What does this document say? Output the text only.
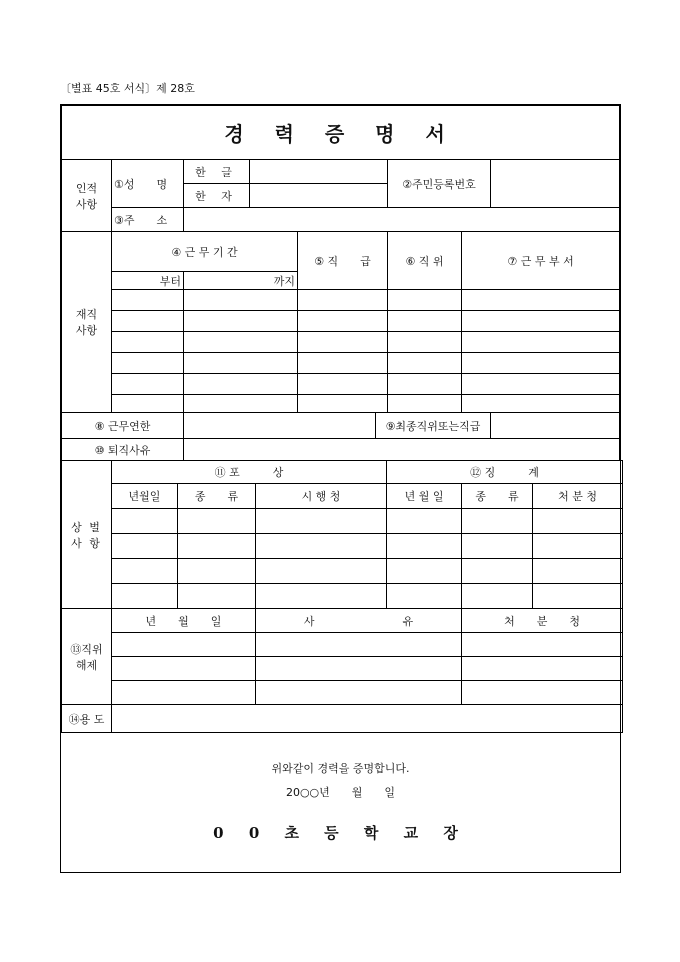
〔별표 45호 서식〕제 28호
경 력 증 명 서								
인적
사항	①성　　명	한 글				②주민등록번호		
		한 자						
	③주　　소							
재직
사항	④ 근 무 기 간			⑤ 직　　급		⑥ 직 위	⑦ 근 무 부 서	
	부터	까지						

⑧ 근무연한					⑨최종직위또는직급			
⑩ 퇴직사유								
상 벌
사 항	⑪ 포　　　상			⑫ 징　　　계		
	년월일	종　　류	시 행 청	년 월 일	종　　류	처 분 청

⑬직위
해제	년　　월　　일		사　　　　　　　　유		처　　분　　청	

⑭용 도						
위와같이 경력을 증명합니다.
20○○년　　월　　일
0 0 초 등 학 교 장
